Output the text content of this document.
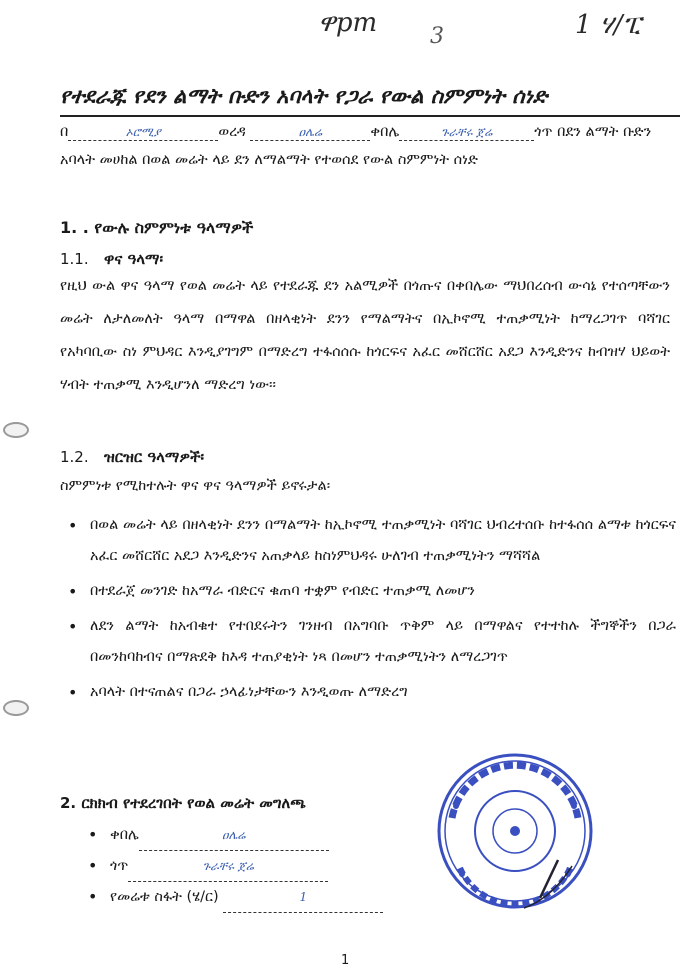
ዋpm 3	1 ሃ/ፒ
የተደራጁ የደን ልማት ቡድን አባላት የጋራ የውል ስምምነት ሰነድ
በ	ኦሮሚያ	ወረዳ	ዐሌሬ	ቀበሌ	ጉራቸሩ ጀሬ	ጎጥ በደን ልማት ቡድን
አባላት መሀከል በወል መሬት ላይ ደን ለማልማት የተወሰደ የውል ስምምነት ሰነድ
1. . የውሉ ስምምነቱ ዓላማዎች
1.1. ዋና ዓላማ፡
የዚህ ውል ዋና ዓላማ የወል መሬት ላይ የተደራጁ ደን አልሚዎች በጎጡና በቀበሌው ማህበረሰብ ውሳኔ የተሰጣቸውን መሬት ለታለመለት ዓላማ በማዋል በዘላቂነት ደንን የማልማትና በኢኮኖሚ ተጠቃሚነት ከማረጋገጥ ባሻገር የአካባቢው ስነ ምህዳር እንዲያገግም በማድረግ ተፋሰሰሱ ከጎርፍና አፈር መሸርሸር አደጋ እንዲድንና ከብዝሃ ህይወት ሃብት ተጠቃሚ እንዲሆንለ ማድረግ ነው፡፡
1.2. ዝርዝር ዓላማዎች፡
ስምምነቱ የሚከተሉት ዋና ዋና ዓላማዎች ይኖሩታል፡
• በወል መሬት ላይ በዘላቂነት ደንን በማልማት ከኢኮኖሚ ተጠቃሚነት ባሻገር ህብረተሰቡ ከተፋሰሰ ልማቱ ከጎርፍና አፈር መሸርሸር አደጋ እንዲድንና አጠቃላይ ከስነምህዳሩ ሁለገብ ተጠቃሚነትን ማሻሻል
• በተደራጀ መንገድ ከአማራ ብድርና ቁጠባ ተቋም የብድር ተጠቃሚ ለመሆን
• ለደን ልማት ከአብቁተ የተበደሩትን ገንዘብ በአግባቡ ጥቅም ላይ በማዋልና የተተከሉ ችግኞችን በጋራ በመንከባከብና በማጽደቅ ከእዳ ተጠያቂነት ነጻ በመሆን ተጠቃሚነትን ለማረጋገጥ
• አባላት በተናጠልና በጋራ ኃላፊነታቸውን እንዲወጡ ለማድረግ
2. ርክክብ የተደረገበት የወል መሬት መግለጫ
• ቀበሌ	ዐሌሬ
• ጎጥ	ጉራቸሩ ጀሬ
• የመሬቱ ስፋት (ሄ/ር)	1
1
